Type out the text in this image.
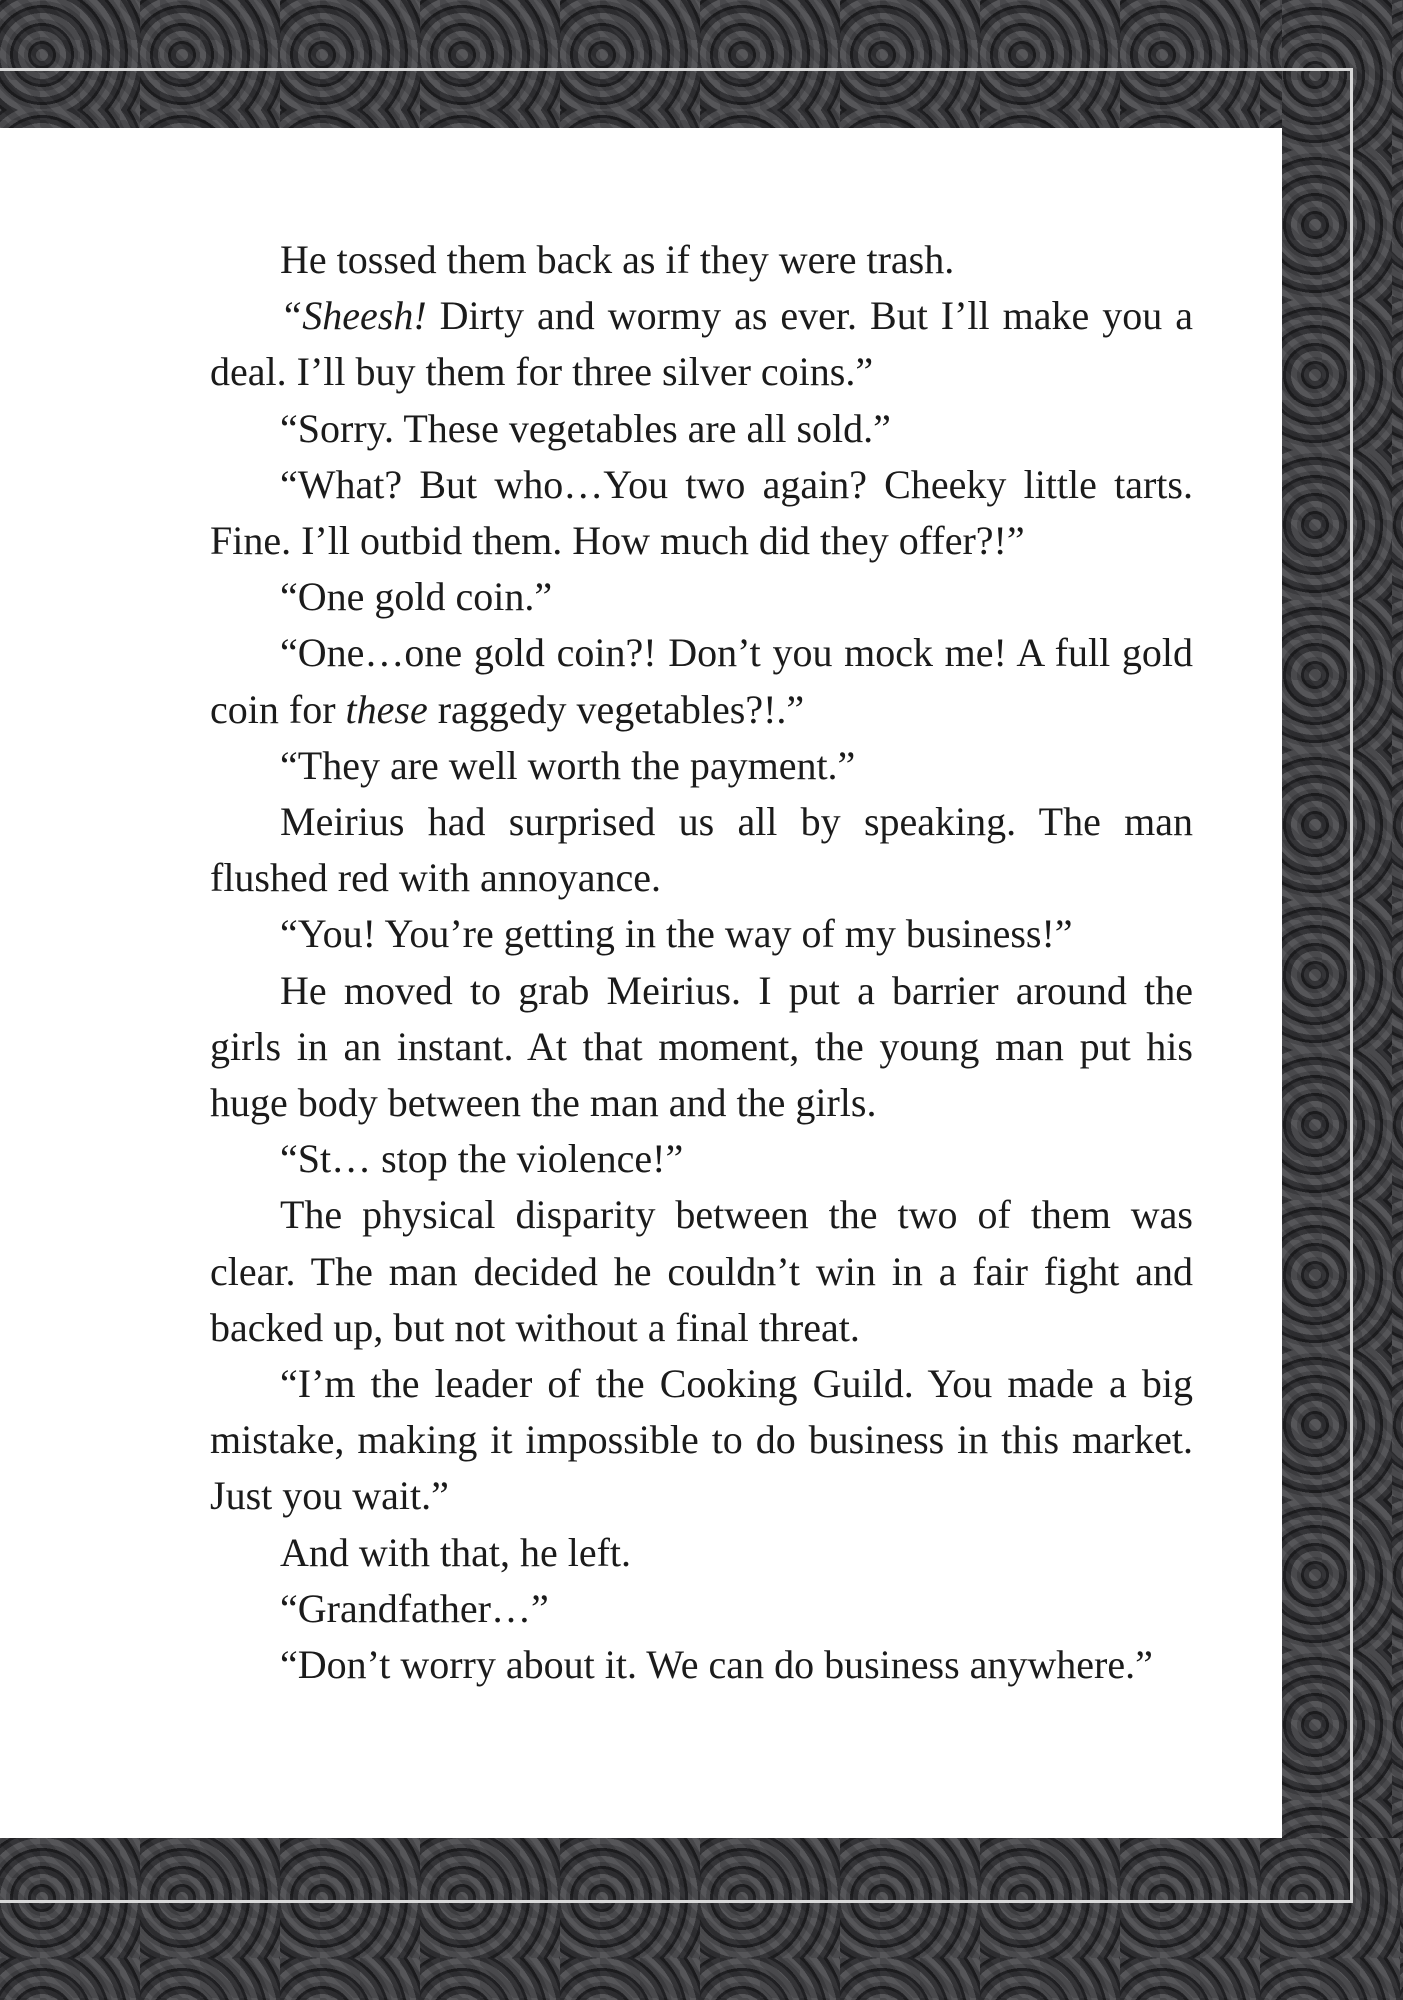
He tossed them back as if they were trash.

“Sheesh! Dirty and wormy as ever. But I’ll make you a deal. I’ll buy them for three silver coins.”

“Sorry. These vegetables are all sold.”

“What? But who…You two again? Cheeky little tarts. Fine. I’ll outbid them. How much did they offer?!”

“One gold coin.”

“One…one gold coin?! Don’t you mock me! A full gold coin for these raggedy vegetables?!.”

“They are well worth the payment.”

Meirius had surprised us all by speaking. The man flushed red with annoyance.

“You! You’re getting in the way of my business!”

He moved to grab Meirius. I put a barrier around the girls in an instant. At that moment, the young man put his huge body between the man and the girls.

“St… stop the violence!”

The physical disparity between the two of them was clear. The man decided he couldn’t win in a fair fight and backed up, but not without a final threat.

“I’m the leader of the Cooking Guild. You made a big mistake, making it impossible to do business in this market. Just you wait.”

And with that, he left.

“Grandfather…”

“Don’t worry about it. We can do business anywhere.”
